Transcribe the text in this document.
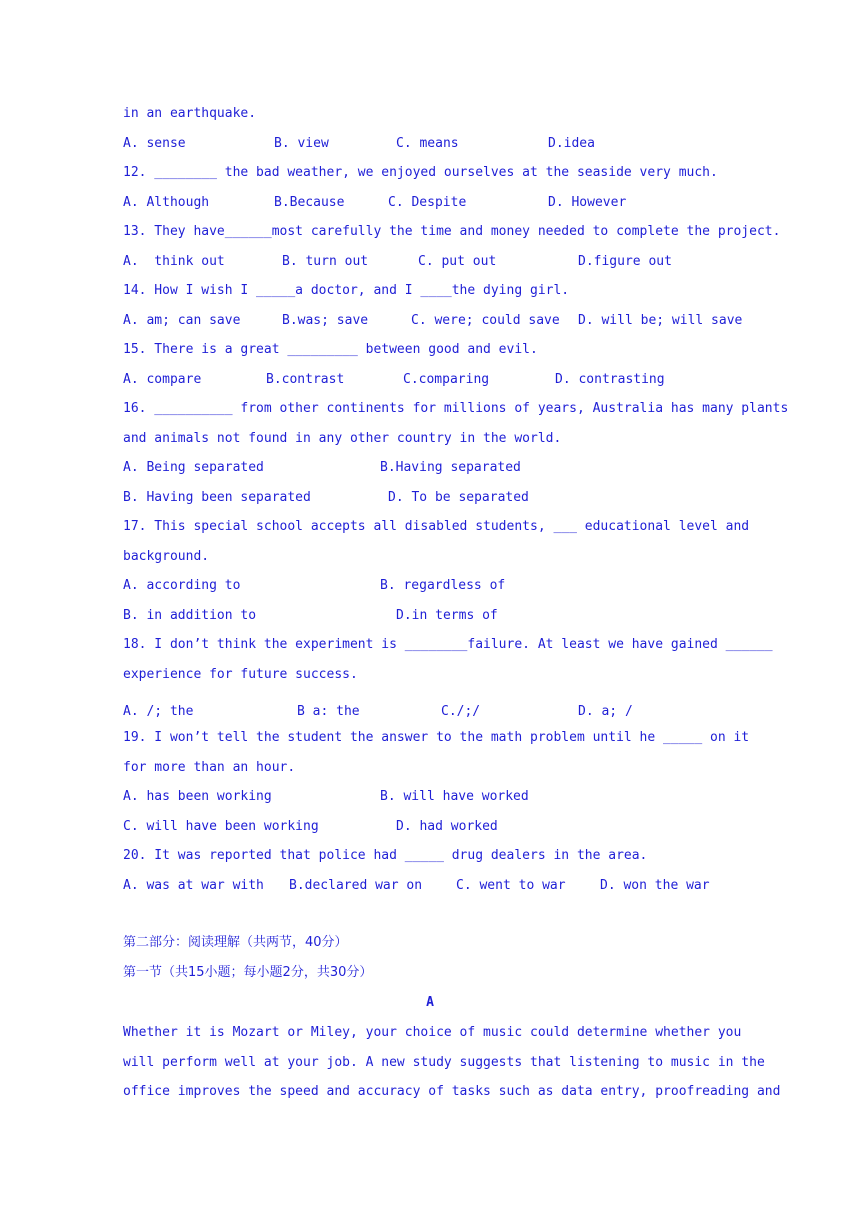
in an earthquake.
A. sense	B. view	C. means	D.idea
12. ________ the bad weather, we enjoyed ourselves at the seaside very much.
A. Although	B.Because	C. Despite	D. However
13. They have______most carefully the time and money needed to complete the project.
A.  think out	B. turn out	C. put out	D.figure out
14. How I wish I _____a doctor, and I ____the dying girl.
A. am; can save	B.was; save	C. were; could save D. will be; will save
15. There is a great _________ between good and evil.
A. compare	B.contrast	C.comparing	D. contrasting
16. __________ from other continents for millions of years, Australia has many plants
and animals not found in any other country in the world.
A. Being separated	B.Having separated
B. Having been separated	D. To be separated
17. This special school accepts all disabled students, ___ educational level and
background.
A. according to	B. regardless of
B. in addition to	D.in terms of
18. I don’t think the experiment is ________failure. At least we have gained ______
experience for future success.
A. /; the	B a: the	C./;/	D. a; /
19. I won’t tell the student the answer to the math problem until he _____ on it
for more than an hour.
A. has been working	B. will have worked
C. will have been working	D. had worked
20. It was reported that police had _____ drug dealers in the area.
A. was at war with B.declared war on	C. went to war	D. won the war
第二部分：阅读理解（共两节，40分）
第一节（共15小题；每小题2分，共30分）
A
Whether it is Mozart or Miley, your choice of music could determine whether you
will perform well at your job. A new study suggests that listening to music in the
office improves the speed and accuracy of tasks such as data entry, proofreading and
